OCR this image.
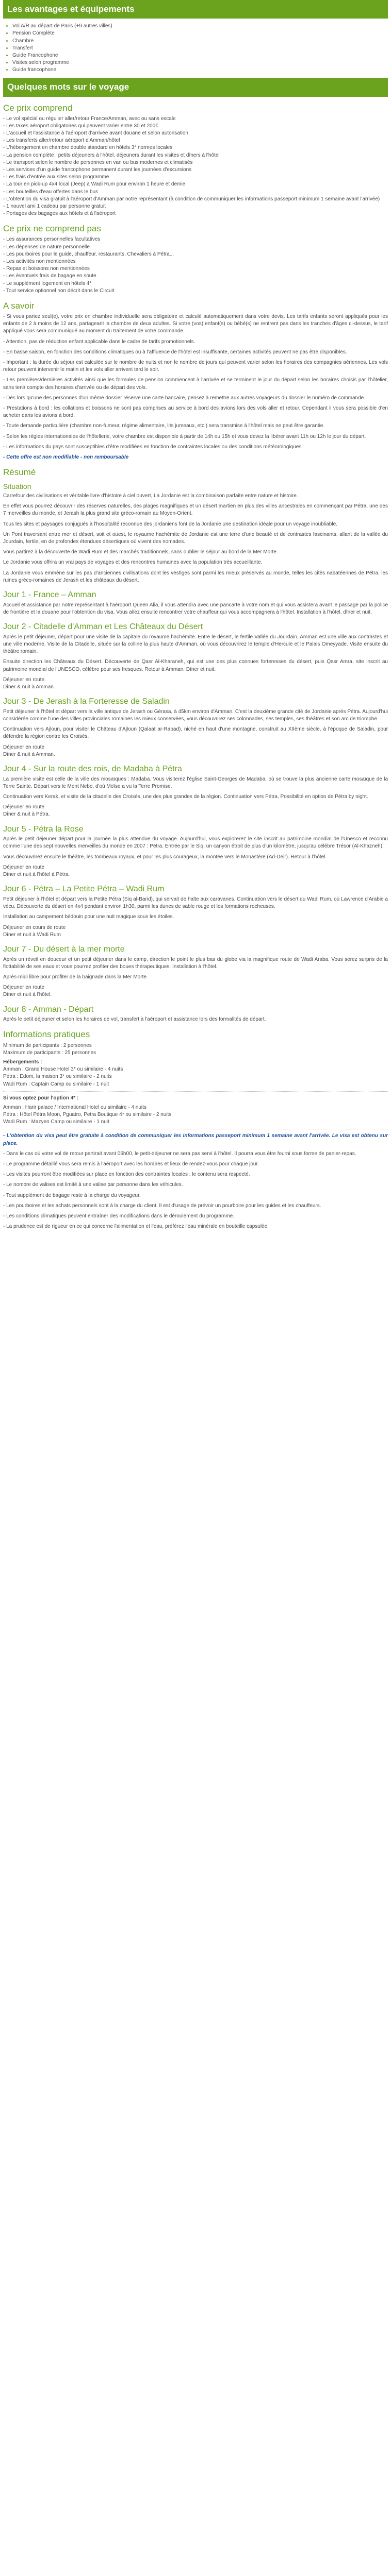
Les avantages et équipements
• Vol A/R au départ de Paris (+9 autres villes)
• Pension Complète
• Chambre
• Transfert
• Guide Francophone
• Visites selon programme
• Guide francophone
Quelques mots sur le voyage
Ce prix comprend
- Le vol spécial ou régulier aller/retour France/Amman, avec ou sans escale
- Les taxes aéroport obligatoires qui peuvent varier entre 30 et 200€
- L'accueil et l'assistance à l'aéroport d'arrivée avant douane et selon autorisation
- Les transferts aller/retour aéroport d'Amman/hôtel
- L'hébergement en chambre double standard en hôtels 3* normes locales
- La pension complète : petits déjeuners à l'hôtel, déjeuners durant les visites et dîners à l'hôtel
- Le transport selon le nombre de personnes en van ou bus modernes et climatisés
- Les services d'un guide francophone permanent durant les journées d'excursions
- Les frais d'entrée aux sites selon programme
- La tour en pick-up 4x4 local (Jeep) à Wadi Rum pour environ 1 heure et demie
- Les bouteilles d'eau offertes dans le bus
- L'obtention du visa gratuit à l'aéroport d'Amman par notre représentant (à condition de communiquer les informations passeport minimum 1 semaine avant l'arrivée)
- 1 nouvel ami 1 cadeau par personne gratuit
- Portages des bagages aux hôtels et à l'aéroport
Ce prix ne comprend pas
- Les assurances personnelles facultatives
- Les dépenses de nature personnelle
- Les pourboires pour le guide, chauffeur, restaurants, Chevaliers à Pétra...
- Les activités non mentionnées
- Repas et boissons non mentionnées
- Les éventuels frais de bagage en soute
- Le supplément logement en hôtels 4*
- Tout service optionnel non décrit dans le Circuit
A savoir

- Si vous partez seul(e), votre prix en chambre individuelle sera obligatoire et calculé automatiquement dans votre devis. Les tarifs enfants seront appliqués pour les enfants de 2 à moins de 12 ans, partageant la chambre de deux adultes. Si votre (vos) enfant(s) ou bébé(s) ne rentrent pas dans les tranches d'âges ci-dessus, le tarif appliqué vous sera communiqué au moment du traitement de votre commande.

- Attention, pas de réduction enfant applicable dans le cadre de tarifs promotionnels.

- En basse saison, en fonction des conditions climatiques ou à l'affluence de l'hôtel est insuffisante, certaines activités peuvent ne pas être disponibles.

- Important : la durée du séjour est calculée sur le nombre de nuits et non le nombre de jours qui peuvent varier selon les horaires des compagnies aériennes. Les vols retour peuvent intervenir le matin et les vols aller arrivent tard le soir.

- Les premières/dernières activités ainsi que les formules de pension commencent à l'arrivée et se terminent le jour du départ selon les horaires choisis par l'hôtelier, sans tenir compte des horaires d'arrivée ou de départ des vols.

- Dès lors qu'une des personnes d'un même dossier réserve une carte bancaire, pensez à remettre aux autres voyageurs du dossier le numéro de commande.

- Prestations à bord : les collations et boissons ne sont pas comprises au service à bord des avions lors des vols aller et retour. Cependant il vous sera possible d'en acheter dans les avions à bord.

- Toute demande particulière (chambre non-fumeur, régime alimentaire, lits jumeaux, etc.) sera transmise à l'hôtel mais ne peut être garantie.

- Selon les règles internationales de l'hôtellerie, votre chambre est disponible à partir de 14h ou 15h et vous devez la libérer avant 11h ou 12h le jour du départ.

- Les informations du pays sont susceptibles d'être modifiées en fonction de contraintes locales ou des conditions météorologiques.

- Cette offre est non modifiable - non remboursable

Résumé
Situation

Carrefour des civilisations et véritable livre d'histoire à ciel ouvert, La Jordanie est la combinaison parfaite entre nature et histoire.

En effet vous pourrez découvrir des réserves naturelles, des plages magnifiques et un désert martien en plus des villes ancestrales en commençant par Pétra, une des 7 merveilles du monde, et Jerash la plus grand site gréco-romain au Moyen-Orient.

Tous les sites et paysages conjugués à l'hospitalité reconnue des jordaniens font de la Jordanie une destination idéale pour un voyage inoubliable.

Un Pont traversant entre mer et désert, soit et ouest, le royaume hachémite de Jordanie est une terre d'une beauté et de contrastes fascinants, allant de la vallée du Jourdain, fertile, en de profondes étendues désertiques où vivent des nomades.

Vous partirez à la découverte de Wadi Rum et des marchés traditionnels, sans oublier le séjour au bord de la Mer Morte.

Le Jordanie vous offrira un vrai pays de voyages et des rencontres humaines avec la population très accueillante.

La Jordanie vous emmène sur les pas d'anciennes civilisations dont les vestiges sont parmi les mieux préservés au monde, telles les cités nabatéennes de Pétra, les ruines gréco-romaines de Jerash et les châteaux du désert.

Jour 1 - France – Amman

Accueil et assistance par notre représentant à l'aéroport Queen Alia, il vous attendra avec une pancarte à votre nom et qui vous assistera avant le passage par la police de frontière et la douane pour l'obtention du visa. Vous allez ensuite rencontrer votre chauffeur qui vous accompagnera à l'hôtel. Installation à l'hôtel, dîner et nuit.

Jour 2 - Citadelle d'Amman et Les Châteaux du Désert

Après le petit déjeuner, départ pour une visite de la capitale du royaume hachémite. Entre le désert, le fertile Vallée du Jourdain, Amman est une ville aux contrastes et une ville moderne. Visite de la Citadelle, située sur la colline la plus haute d'Amman, où vous découvrirez le temple d'Hercule et le Palais Omeyyade. Visite ensuite du théâtre romain.

Ensuite direction les Châteaux du Désert. Découverte de Qasr Al-Kharaneh, qui est une des plus connues forteresses du désert, puis Qasr Amra, site inscrit au patrimoine mondial de l'UNESCO, célèbre pour ses fresques. Retour à Amman. Dîner et nuit.

Déjeuner en route.
Dîner & nuit à Amman.

Jour 3 - De Jerash à la Forteresse de Saladin

Petit déjeuner à l'hôtel et départ vers la ville antique de Jerash ou Gérasa, à 45km environ d'Amman. C'est la deuxième grande cité de Jordanie après Pétra. Aujourd'hui considérée comme l'une des villes provinciales romaines les mieux conservées, vous découvrirez ses colonnades, ses temples, ses théâtres et son arc de triomphe.

Continuation vers Ajloun, pour visiter le Château d'Ajloun (Qalaat ar-Rabad), niché en haut d'une montagne, construit au XIIème siècle, à l'époque de Saladin, pour défendre la région contre les Croisés.

Déjeuner en route
Dîner & nuit à Amman.

Jour 4 - Sur la route des rois, de Madaba à Pétra

La première visite est celle de la ville des mosaïques : Madaba. Vous visiterez l'église Saint-Georges de Madaba, où se trouve la plus ancienne carte mosaïque de la Terre Sainte. Départ vers le Mont Nebo, d'où Moïse a vu la Terre Promise.

Continuation vers Kerak, et visite de la citadelle des Croisés, une des plus grandes de la région. Continuation vers Pétra. Possibilité en option de Pétra by night.

Déjeuner en route
Dîner & nuit à Pétra.

Jour 5 - Pétra la Rose

Après le petit déjeuner départ pour la journée la plus attendue du voyage. Aujourd'hui, vous explorerez le site inscrit au patrimoine mondial de l'Unesco et reconnu comme l'une des sept nouvelles merveilles du monde en 2007 : Pétra. Entrée par le Siq, un canyon étroit de plus d'un kilomètre, jusqu'au célèbre Trésor (Al-Khazneh).

Vous découvrirez ensuite le théâtre, les tombeaux royaux, et pour les plus courageux, la montée vers le Monastère (Ad-Deir). Retour à l'hôtel.

Déjeuner en route
Dîner et nuit à l'hôtel à Pétra.

Jour 6 - Pétra – La Petite Pétra – Wadi Rum

Petit déjeuner à l'hôtel et départ vers la Petite Pétra (Siq al-Barid), qui servait de halte aux caravanes. Continuation vers le désert du Wadi Rum, où Lawrence d'Arabie a vécu. Découverte du désert en 4x4 pendant environ 1h30, parmi les dunes de sable rouge et les formations rocheuses.

Installation au campement bédouin pour une nuit magique sous les étoiles.

Déjeuner en cours de route
Dîner et nuit à Wadi Rum

Jour 7 - Du désert à la mer morte

Après un réveil en douceur et un petit déjeuner dans le camp, direction le point le plus bas du globe via la magnifique route de Wadi Araba. Vous serez surpris de la flottabilité de ses eaux et vous pourrez profiter des boues thérapeutiques. Installation à l'hôtel.

Après-midi libre pour profiter de la baignade dans la Mer Morte.

Déjeuner en route
Dîner et nuit à l'hôtel.

Jour 8 - Amman - Départ

Après le petit déjeuner et selon les horaires de vol, transfert à l'aéroport et assistance lors des formalités de départ.

Informations pratiques

Minimum de participants : 2 personnes

Maximum de participants : 25 personnes

Hébergements :

Amman : Grand House Hotel 3* ou similaire - 4 nuits

Pétra : Edom, la maison 3* ou similaire - 2 nuits

Wadi Rum : Captain Camp ou similaire - 1 nuit

Si vous optez pour l'option 4* :

Amman : Harir palace / International Hotel ou similaire - 4 nuits

Pétra : Hôtel Pétra Moon, Pguatro, Petra Boutique 4* ou similaire - 2 nuits

Wadi Rum : Mazyen Camp ou similaire - 1 nuit

- L'obtention du visa peut être gratuite à condition de communiquer les informations passeport minimum 1 semaine avant l'arrivée. Le visa est obtenu sur place.

- Dans le cas où votre vol de retour partirait avant 06h00, le petit-déjeuner ne sera pas servi à l'hôtel. Il pourra vous être fourni sous forme de panier-repas.

- Le programme détaillé vous sera remis à l'aéroport avec les horaires et lieux de rendez-vous pour chaque jour.

- Les visites pourront être modifiées sur place en fonction des contraintes locales ; le contenu sera respecté.

- Le nombre de valises est limité à une valise par personne dans les véhicules.

- Tout supplément de bagage reste à la charge du voyageur.

- Les pourboires et les achats personnels sont à la charge du client. Il est d'usage de prévoir un pourboire pour les guides et les chauffeurs.

- Les conditions climatiques peuvent entraîner des modifications dans le déroulement du programme.

- La prudence est de rigueur en ce qui concerne l'alimentation et l'eau, préférez l'eau minérale en bouteille capsulée.
